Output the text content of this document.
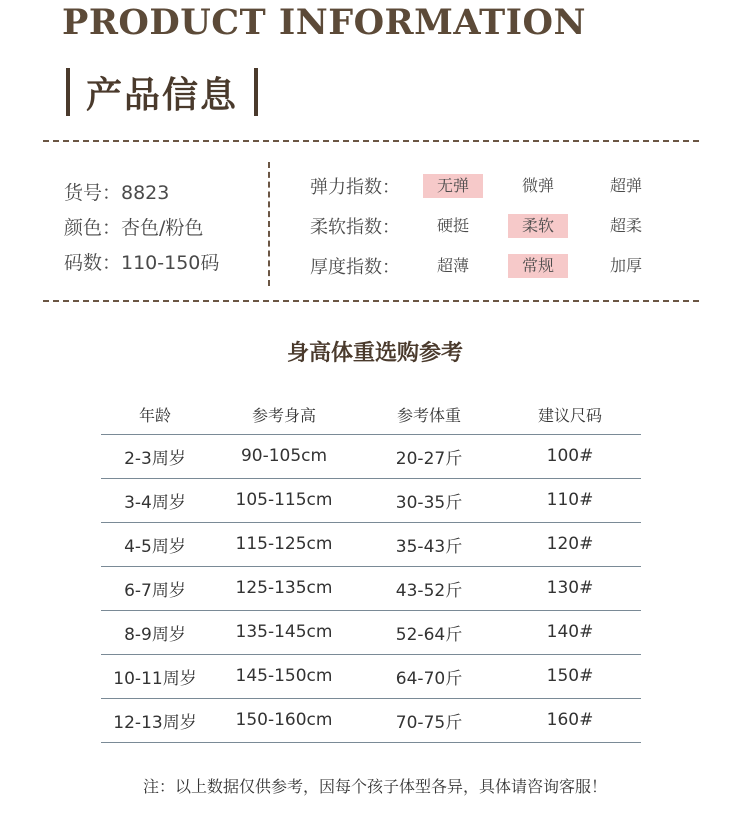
PRODUCT INFORMATION
产品信息
货号：8823
颜色：杏色/粉色
码数：110-150码
弹力指数：	无弹	微弹	超弹
柔软指数：	硬挺	柔软	超柔
厚度指数：	超薄	常规	加厚
身高体重选购参考
年龄	参考身高	参考体重	建议尺码
2-3周岁	90-105cm	20-27斤	100#
3-4周岁	105-115cm	30-35斤	110#
4-5周岁	115-125cm	35-43斤	120#
6-7周岁	125-135cm	43-52斤	130#
8-9周岁	135-145cm	52-64斤	140#
10-11周岁	145-150cm	64-70斤	150#
12-13周岁	150-160cm	70-75斤	160#
注：以上数据仅供参考，因每个孩子体型各异，具体请咨询客服！
